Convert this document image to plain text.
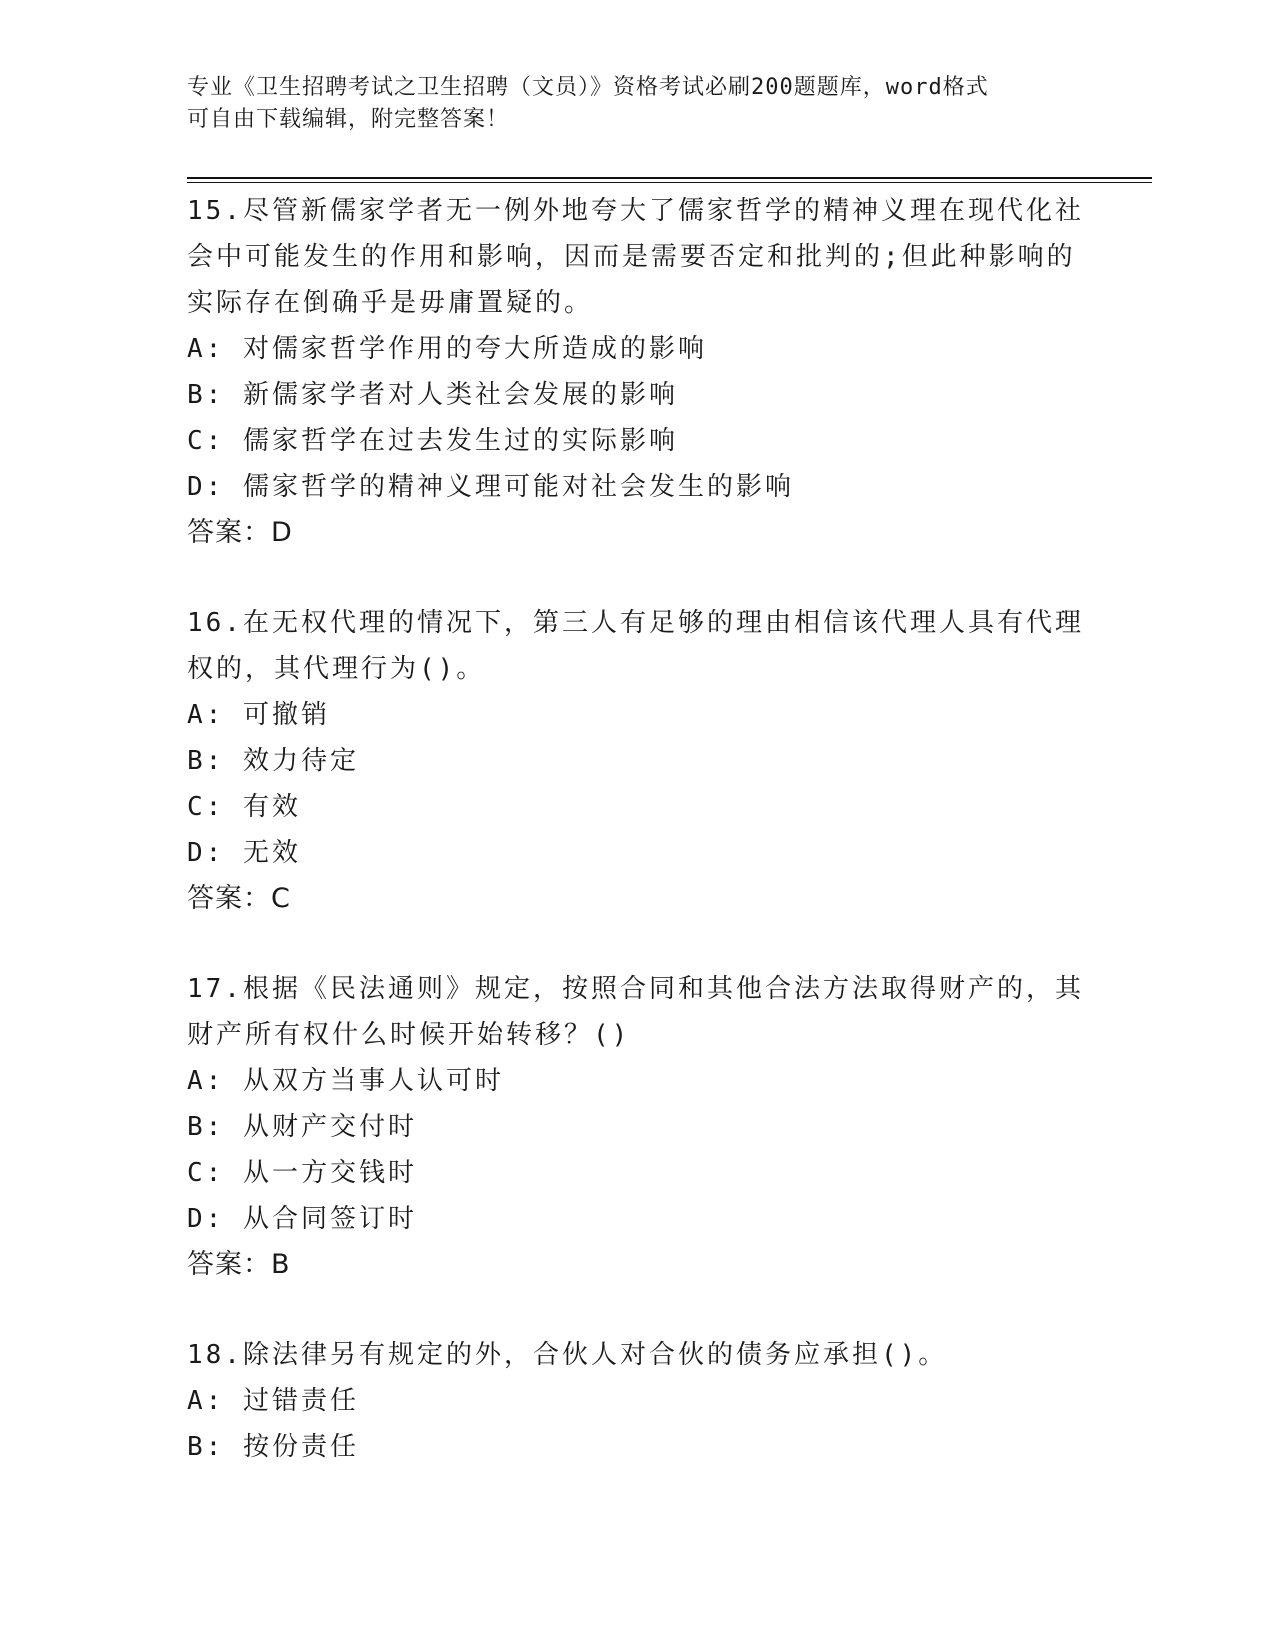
专业《卫生招聘考试之卫生招聘（文员）》资格考试必刷200题题库，word格式
可自由下载编辑，附完整答案！
15.尽管新儒家学者无一例外地夸大了儒家哲学的精神义理在现代化社
会中可能发生的作用和影响，因而是需要否定和批判的;但此种影响的
实际存在倒确乎是毋庸置疑的。
A: 对儒家哲学作用的夸大所造成的影响
B: 新儒家学者对人类社会发展的影响
C: 儒家哲学在过去发生过的实际影响
D: 儒家哲学的精神义理可能对社会发生的影响
答案：D
16.在无权代理的情况下，第三人有足够的理由相信该代理人具有代理
权的，其代理行为()。
A: 可撤销
B: 效力待定
C: 有效
D: 无效
答案：C
17.根据《民法通则》规定，按照合同和其他合法方法取得财产的，其
财产所有权什么时候开始转移？()
A: 从双方当事人认可时
B: 从财产交付时
C: 从一方交钱时
D: 从合同签订时
答案：B
18.除法律另有规定的外，合伙人对合伙的债务应承担()。
A: 过错责任
B: 按份责任
